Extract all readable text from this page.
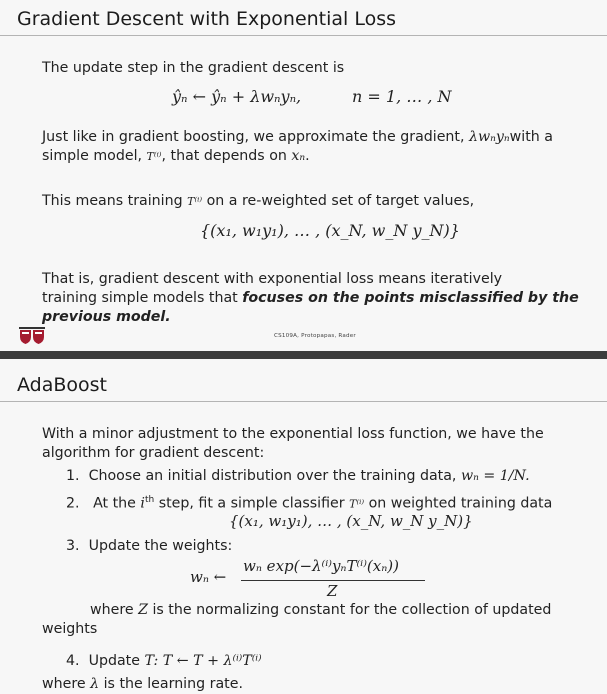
Gradient Descent with Exponential Loss
The update step in the gradient descent is
ŷₙ ← ŷₙ + λwₙyₙ,	n = 1, … , N
Just like in gradient boosting, we approximate the gradient, λwₙyₙwith a
simple model, T⁽ⁱ⁾, that depends on xₙ.
This means training T⁽ⁱ⁾ on a re-weighted set of target values,
{(x₁, w₁y₁), … , (x_N, w_N y_N)}
That is, gradient descent with exponential loss means iteratively
training simple models that focuses on the points misclassified by the
previous model.
CS109A, Protopapas, Rader
AdaBoost
With a minor adjustment to the exponential loss function, we have the
algorithm for gradient descent:
1. Choose an initial distribution over the training data, wₙ = 1/N.
2. At the $i^{th}$ step, fit a simple classifier T⁽ⁱ⁾ on weighted training data
{(x₁, w₁y₁), … , (x_N, w_N y_N)}
3. Update the weights:
wₙ ←
wₙ exp(−λ⁽ⁱ⁾yₙT⁽ⁱ⁾(xₙ))
Z
where Z is the normalizing constant for the collection of updated
weights
4. Update T: T ← T + λ⁽ⁱ⁾T⁽ⁱ⁾
where λ is the learning rate.
